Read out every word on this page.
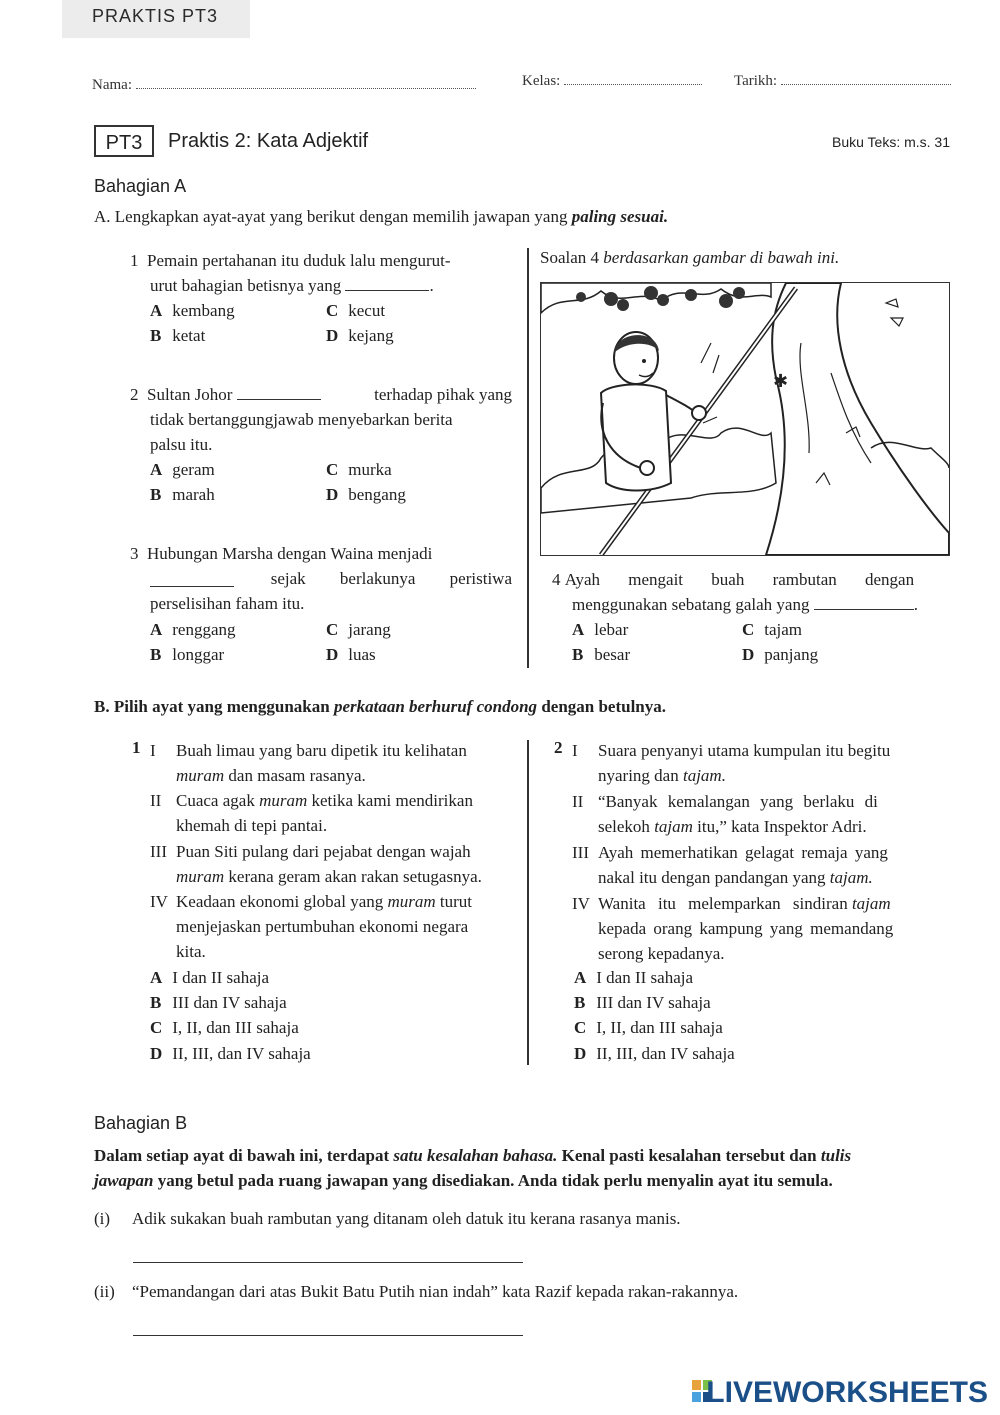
PRAKTIS PT3
Nama:	Kelas:	Tarikh:
PT3	Praktis 2: Kata Adjektif	Buku Teks: m.s. 31
Bahagian A
A. Lengkapkan ayat-ayat yang berikut dengan memilih jawapan yang paling sesuai.
1 Pemain pertahanan itu duduk lalu mengurut-
urut bahagian betisnya yang	.
A kembang
B ketat
C kecut
D kejang
2 Sultan Johor	terhadap pihak yang
tidak bertanggungjawab menyebarkan berita
palsu itu.
A geram
B marah
C murka
D bengang
3 Hubungan Marsha dengan Waina menjadi
sejak berlakunya peristiwa
perselisihan faham itu.
A renggang
B longgar
C jarang
D luas
Soalan 4 berdasarkan gambar di bawah ini.
✱
4
Ayah mengait buah rambutan dengan
menggunakan sebatang galah yang	.
A lebar
B besar
C tajam
D panjang
B. Pilih ayat yang menggunakan perkataan berhuruf condong dengan betulnya.
1 I Buah limau yang baru dipetik itu kelihatan
muram dan masam rasanya.
II Cuaca agak muram ketika kami mendirikan
khemah di tepi pantai.
III Puan Siti pulang dari pejabat dengan wajah
muram kerana geram akan rakan setugasnya.
IV Keadaan ekonomi global yang muram turut
menjejaskan pertumbuhan ekonomi negara
kita.
A I dan II sahaja
B III dan IV sahaja
C I, II, dan III sahaja
D II, III, dan IV sahaja
2 I Suara penyanyi utama kumpulan itu begitu
nyaring dan tajam.
II “Banyak kemalangan yang berlaku di
selekoh tajam itu,” kata Inspektor Adri.
III Ayah memerhatikan gelagat remaja yang
nakal itu dengan pandangan yang tajam.
IV Wanita itu melemparkan sindiran tajam
kepada orang kampung yang memandang
serong kepadanya.
A I dan II sahaja
B III dan IV sahaja
C I, II, dan III sahaja
D II, III, dan IV sahaja
Bahagian B
Dalam setiap ayat di bawah ini, terdapat satu kesalahan bahasa. Kenal pasti kesalahan tersebut dan tulis
jawapan yang betul pada ruang jawapan yang disediakan. Anda tidak perlu menyalin ayat itu semula.
(i) Adik sukakan buah rambutan yang ditanam oleh datuk itu kerana rasanya manis.
(ii) “Pemandangan dari atas Bukit Batu Putih nian indah” kata Razif kepada rakan-rakannya.
LIVEWORKSHEETS
